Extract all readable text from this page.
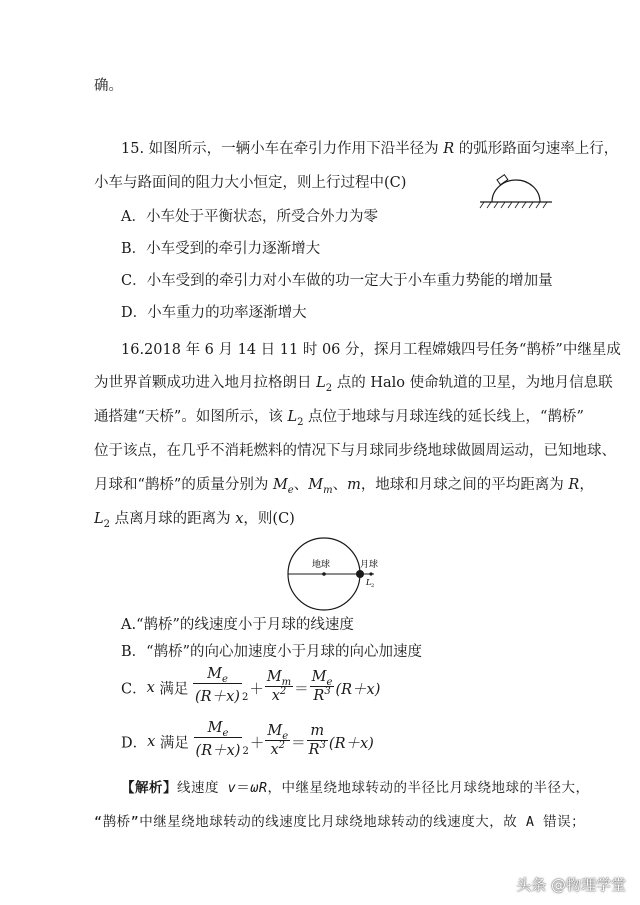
确。
15. 如图所示，一辆小车在牵引力作用下沿半径为 R 的弧形路面匀速率上行，
小车与路面间的阻力大小恒定，则上行过程中(C)
A．小车处于平衡状态，所受合外力为零
B．小车受到的牵引力逐渐增大
C．小车受到的牵引力对小车做的功一定大于小车重力势能的增加量
D．小车重力的功率逐渐增大
16.2018 年 6 月 14 日 11 时 06 分，探月工程嫦娥四号任务“鹊桥”中继星成
为世界首颗成功进入地月拉格朗日 $L_2$ 点的 Halo 使命轨道的卫星，为地月信息联
通搭建“天桥”。如图所示，该 $L_2$ 点位于地球与月球连线的延长线上，“鹊桥”
位于该点，在几乎不消耗燃料的情况下与月球同步绕地球做圆周运动，已知地球、
月球和“鹊桥”的质量分别为 $M_e$、$M_m$、m，地球和月球之间的平均距离为 R，
$L_2$ 点离月球的距离为 x，则(C)
地球	月球
L 2
A.“鹊桥”的线速度小于月球的线速度
B．“鹊桥”的向心加速度小于月球的向心加速度
C．x 满足 $\frac{M_e}{(R+x)} _2+ \frac{M_m}{x^2} = \frac{M_e}{R^3} (R+x)$
D．x 满足 $\frac{M_e}{(R+x)} _2+ \frac{M_e}{x^2} = \frac{m}{R^3} (R+x)$
【解析】线速度 v＝ωR，中继星绕地球转动的半径比月球绕地球的半径大，
“鹊桥”中继星绕地球转动的线速度比月球绕地球转动的线速度大，故 A 错误；
头条 @物理学堂
